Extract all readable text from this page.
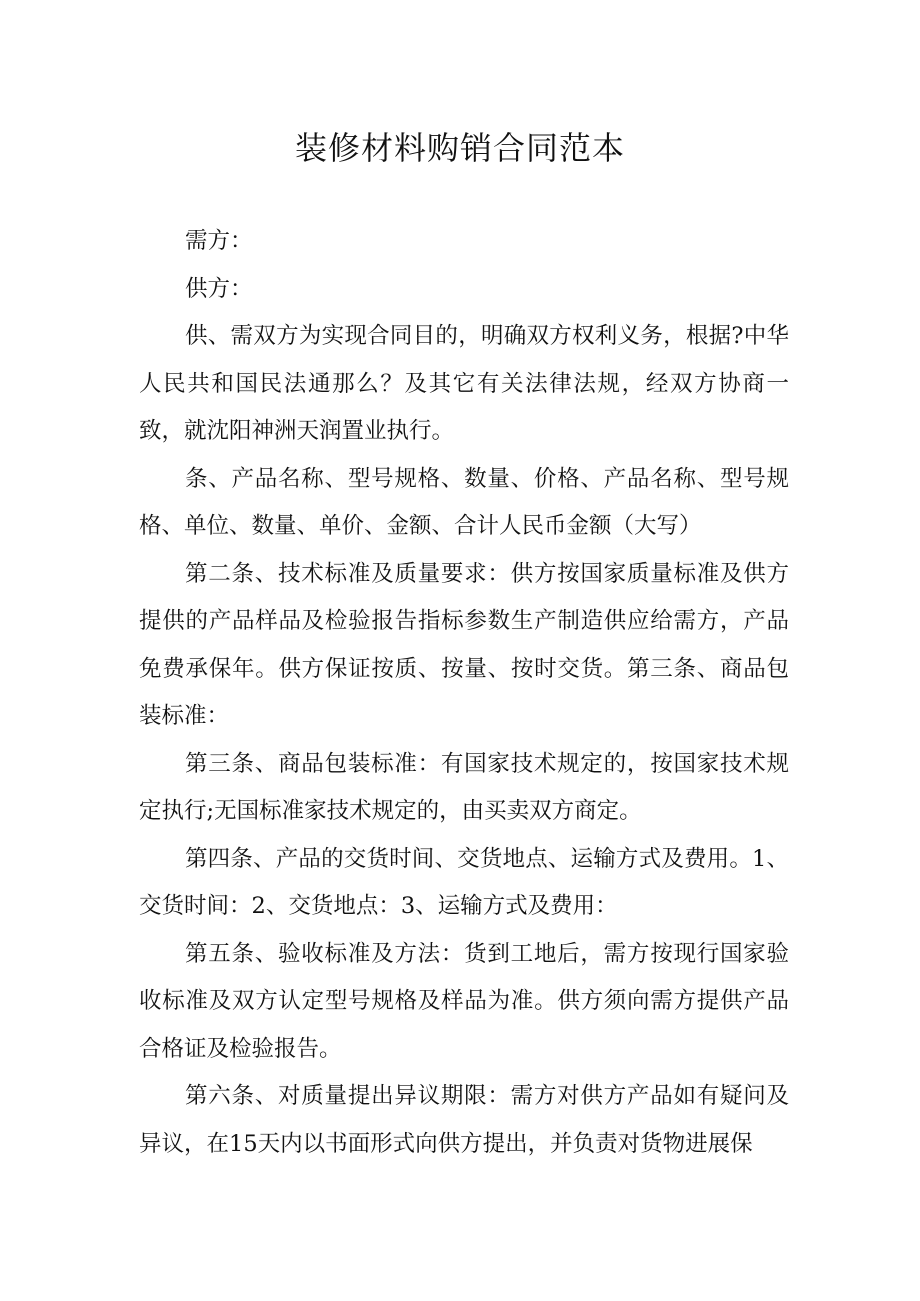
装修材料购销合同范本

需方：

供方：

供、需双方为实现合同目的，明确双方权利义务，根据?中华人民共和国民法通那么？及其它有关法律法规，经双方协商一致，就沈阳神洲天润置业执行。

条、产品名称、型号规格、数量、价格、产品名称、型号规格、单位、数量、单价、金额、合计人民币金额（大写）

第二条、技术标准及质量要求：供方按国家质量标准及供方提供的产品样品及检验报告指标参数生产制造供应给需方，产品免费承保年。供方保证按质、按量、按时交货。第三条、商品包装标准：

第三条、商品包装标准：有国家技术规定的，按国家技术规定执行;无国标准家技术规定的，由买卖双方商定。

第四条、产品的交货时间、交货地点、运输方式及费用。1、交货时间：2、交货地点：3、运输方式及费用：

第五条、验收标准及方法：货到工地后，需方按现行国家验收标准及双方认定型号规格及样品为准。供方须向需方提供产品合格证及检验报告。

第六条、对质量提出异议期限：需方对供方产品如有疑问及异议，在15天内以书面形式向供方提出，并负责对货物进展保
